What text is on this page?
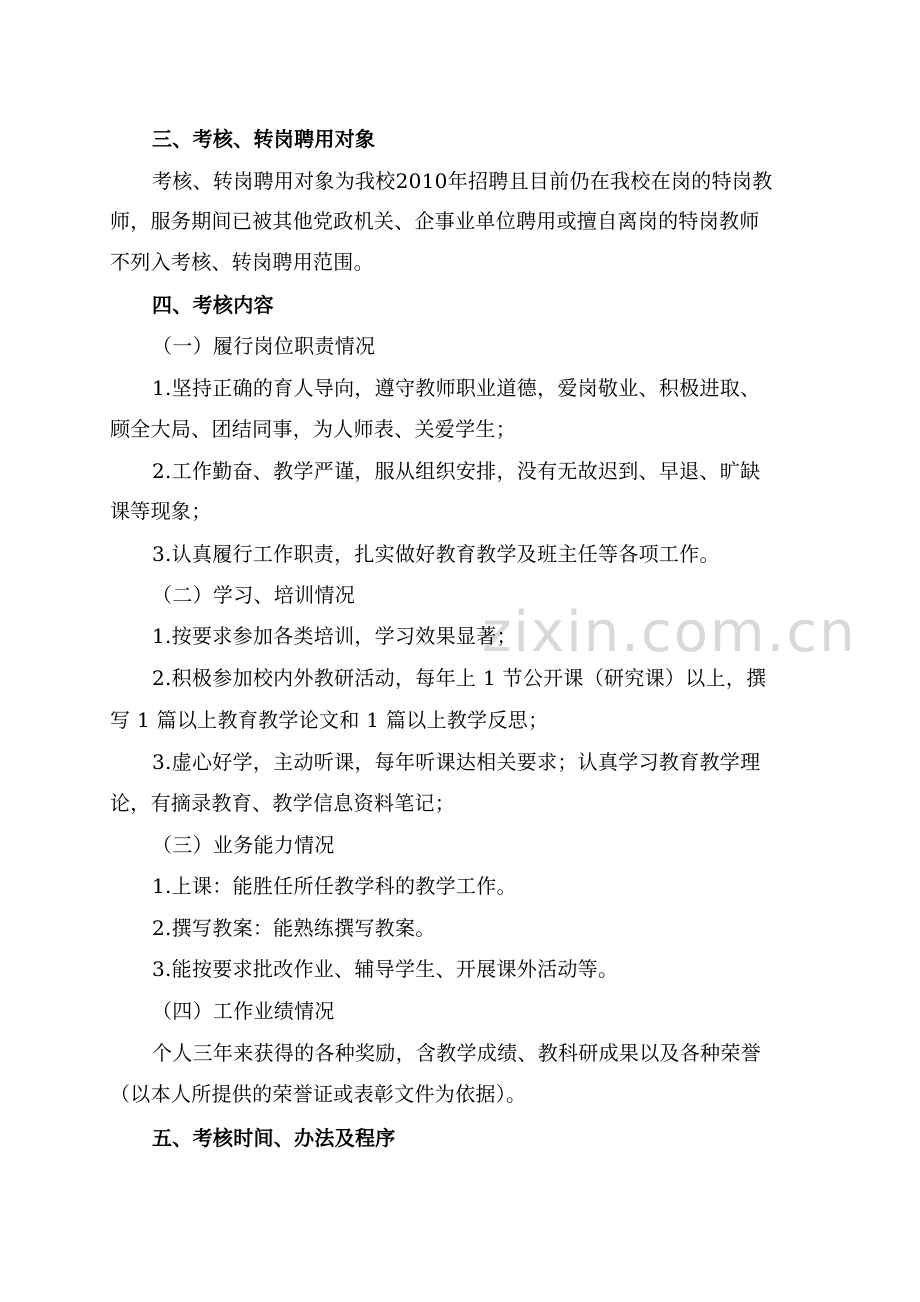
zixin.com.cn
三、考核、转岗聘用对象
考核、转岗聘用对象为我校2010年招聘且目前仍在我校在岗的特岗教
师，服务期间已被其他党政机关、企事业单位聘用或擅自离岗的特岗教师
不列入考核、转岗聘用范围。
四、考核内容
（一）履行岗位职责情况
1.坚持正确的育人导向，遵守教师职业道德，爱岗敬业、积极进取、
顾全大局、团结同事，为人师表、关爱学生；
2.工作勤奋、教学严谨，服从组织安排，没有无故迟到、早退、旷缺
课等现象；
3.认真履行工作职责，扎实做好教育教学及班主任等各项工作。
（二）学习、培训情况
1.按要求参加各类培训，学习效果显著；
2.积极参加校内外教研活动，每年上 1 节公开课（研究课）以上，撰
写 1 篇以上教育教学论文和 1 篇以上教学反思；
3.虚心好学，主动听课，每年听课达相关要求；认真学习教育教学理
论，有摘录教育、教学信息资料笔记；
（三）业务能力情况
1.上课：能胜任所任教学科的教学工作。
2.撰写教案：能熟练撰写教案。
3.能按要求批改作业、辅导学生、开展课外活动等。
（四）工作业绩情况
个人三年来获得的各种奖励，含教学成绩、教科研成果以及各种荣誉
（以本人所提供的荣誉证或表彰文件为依据）。
五、考核时间、办法及程序
